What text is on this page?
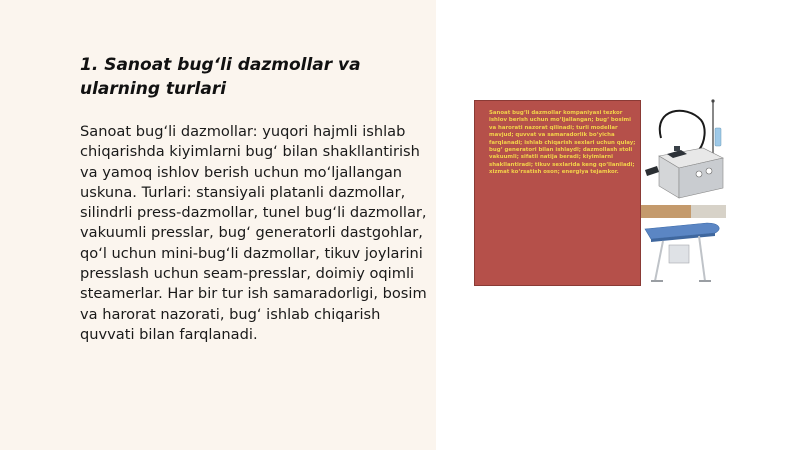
1. Sanoat bug‘li dazmollar va ularning turlari
Sanoat bug‘li dazmollar: yuqori hajmli ishlab chiqarishda kiyimlarni bug‘ bilan shakllantirish va yamoq ishlov berish uchun mo‘ljallangan uskuna. Turlari: stansiyali platanli dazmollar, silindrli press-dazmollar, tunel bug‘li dazmollar, vakuumli presslar, bug‘ generatorli dastgohlar, qo‘l uchun mini-bug‘li dazmollar, tikuv joylarini presslash uchun seam-presslar, doimiy oqimli steamerlar. Har bir tur ish samaradorligi, bosim va harorat nazorati, bug‘ ishlab chiqarish quvvati bilan farqlanadi.
Sanoat bug‘li dazmollar kompaniyasi tezkor ishlov berish uchun mo‘ljallangan; bug‘ bosimi va harorati nazorat qilinadi; turli modellar mavjud; quvvat va samaradorlik bo‘yicha farqlanadi; ishlab chiqarish sexlari uchun qulay; bug‘ generatori bilan ishlaydi; dazmollash stoli vakuumli; sifatli natija beradi; kiyimlarni shakllantiradi; tikuv sexlarida keng qo‘llaniladi; xizmat ko‘rsatish oson; energiya tejamkor.
